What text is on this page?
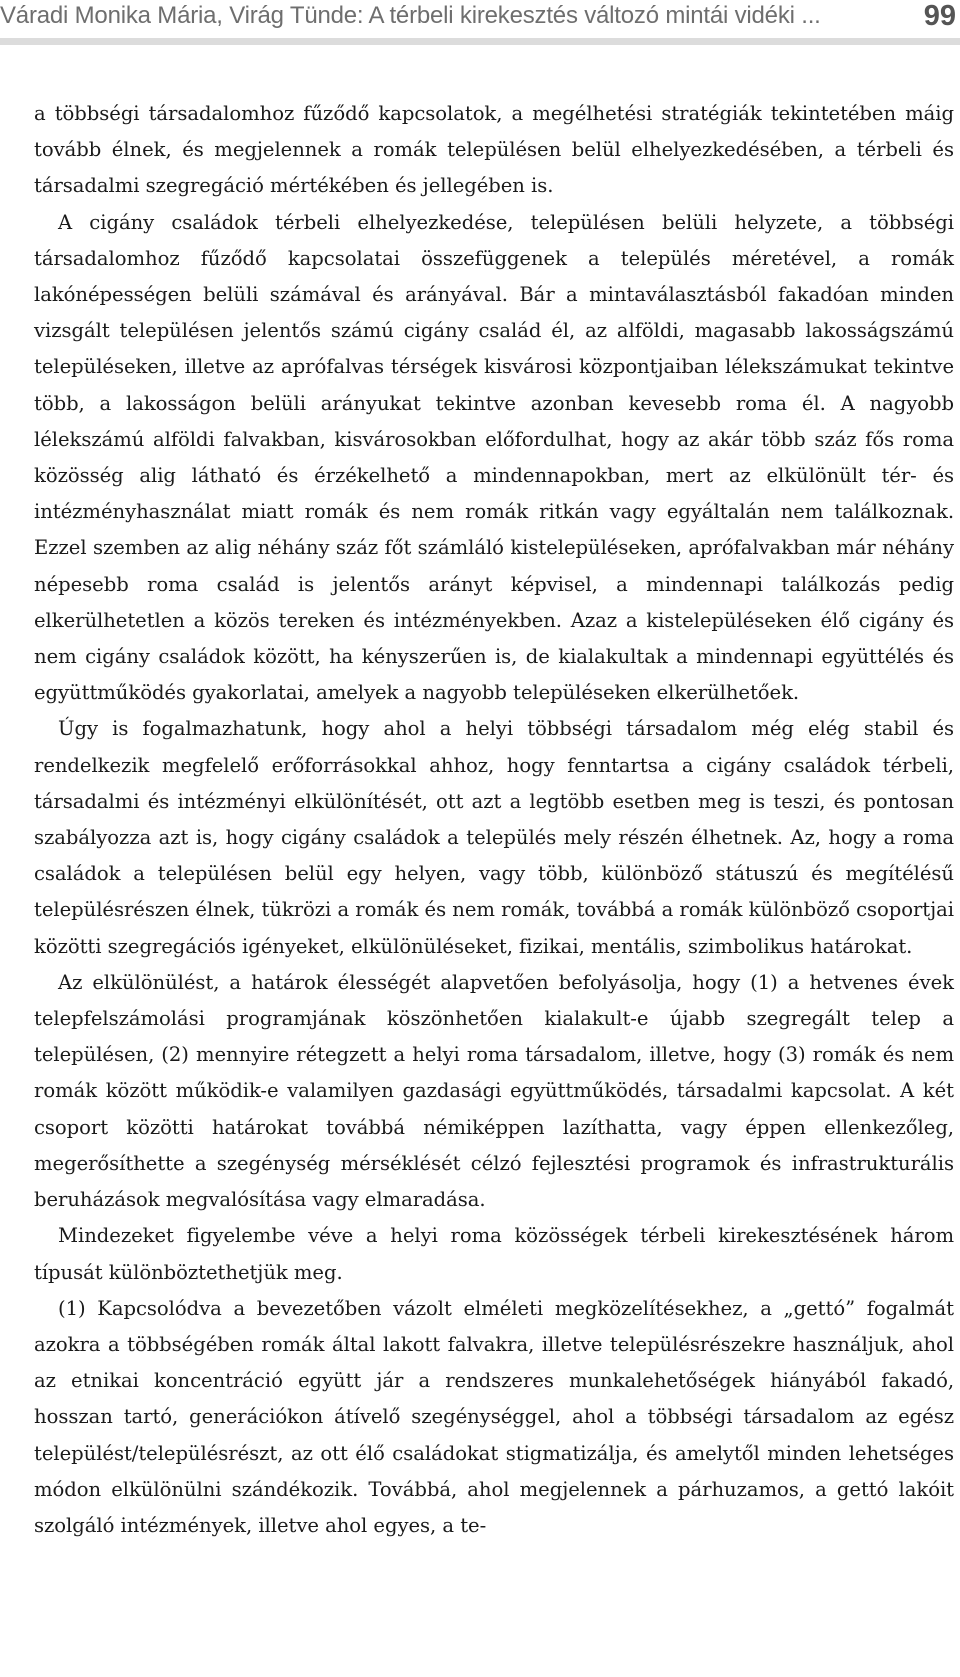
Váradi Monika Mária, Virág Tünde: A térbeli kirekesztés változó mintái vidéki ...	99

a többségi társadalomhoz fűződő kapcsolatok, a megélhetési stratégiák tekintetében máig tovább élnek, és megjelennek a romák településen belül elhelyezkedésében, a térbeli és társadalmi szegregáció mértékében és jellegében is.

A cigány családok térbeli elhelyezkedése, településen belüli helyzete, a többségi társadalomhoz fűződő kapcsolatai összefüggenek a település méretével, a romák lakónépességen belüli számával és arányával. Bár a mintaválasztásból fakadóan minden vizsgált településen jelentős számú cigány család él, az alföldi, magasabb lakosságszámú településeken, illetve az aprófalvas térségek kisvárosi központjaiban lélekszámukat tekintve több, a lakosságon belüli arányukat tekintve azonban kevesebb roma él. A nagyobb lélekszámú alföldi falvakban, kisvárosokban előfordulhat, hogy az akár több száz fős roma közösség alig látható és érzékelhető a mindennapokban, mert az elkülönült tér- és intézményhasználat miatt romák és nem romák ritkán vagy egyáltalán nem találkoznak. Ezzel szemben az alig néhány száz főt számláló kistelepüléseken, aprófalvakban már néhány népesebb roma család is jelentős arányt képvisel, a mindennapi találkozás pedig elkerülhetetlen a közös tereken és intézményekben. Azaz a kistelepüléseken élő cigány és nem cigány családok között, ha kényszerűen is, de kialakultak a mindennapi együttélés és együttműködés gyakorlatai, amelyek a nagyobb településeken elkerülhetőek.

Úgy is fogalmazhatunk, hogy ahol a helyi többségi társadalom még elég stabil és rendelkezik megfelelő erőforrásokkal ahhoz, hogy fenntartsa a cigány családok térbeli, társadalmi és intézményi elkülönítését, ott azt a legtöbb esetben meg is teszi, és pontosan szabályozza azt is, hogy cigány családok a település mely részén élhetnek. Az, hogy a roma családok a településen belül egy helyen, vagy több, különböző státuszú és megítélésű településrészen élnek, tükrözi a romák és nem romák, továbbá a romák különböző csoportjai közötti szegregációs igényeket, elkülönüléseket, fizikai, mentális, szimbolikus határokat.

Az elkülönülést, a határok élességét alapvetően befolyásolja, hogy (1) a hetvenes évek telepfelszámolási programjának köszönhetően kialakult-e újabb szegregált telep a településen, (2) mennyire rétegzett a helyi roma társadalom, illetve, hogy (3) romák és nem romák között működik-e valamilyen gazdasági együttműködés, társadalmi kapcsolat. A két csoport közötti határokat továbbá némiképpen lazíthatta, vagy éppen ellenkezőleg, megerősíthette a szegénység mérséklését célzó fejlesztési programok és infrastrukturális beruházások megvalósítása vagy elmaradása.

Mindezeket figyelembe véve a helyi roma közösségek térbeli kirekesztésének három típusát különböztethetjük meg.

(1) Kapcsolódva a bevezetőben vázolt elméleti megközelítésekhez, a „gettó” fogalmát azokra a többségében romák által lakott falvakra, illetve településrészekre használjuk, ahol az etnikai koncentráció együtt jár a rendszeres munkalehetőségek hiányából fakadó, hosszan tartó, generációkon átívelő szegénységgel, ahol a többségi társadalom az egész települést/településrészt, az ott élő családokat stigmatizálja, és amelytől minden lehetséges módon elkülönülni szándékozik. Továbbá, ahol megjelennek a párhuzamos, a gettó lakóit szolgáló intézmények, illetve ahol egyes, a te-
